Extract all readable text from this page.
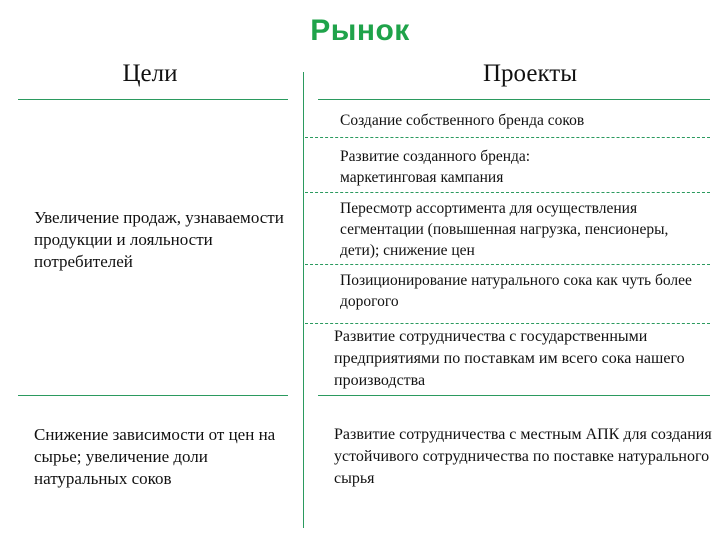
Рынок
Цели	Проекты
Увеличение продаж, узнаваемости продукции и лояльности потребителей
Снижение зависимости от цен на сырье; увеличение доли натуральных соков
Создание собственного бренда соков
Развитие созданного бренда: маркетинговая кампания
Пересмотр ассортимента для осуществления сегментации (повышенная нагрузка, пенсионеры, дети); снижение цен
Позиционирование натурального сока как чуть более дорогого
Развитие сотрудничества с государственными предприятиями по поставкам им всего сока нашего производства
Развитие сотрудничества с местным АПК для создания устойчивого сотрудничества по поставке натурального сырья
